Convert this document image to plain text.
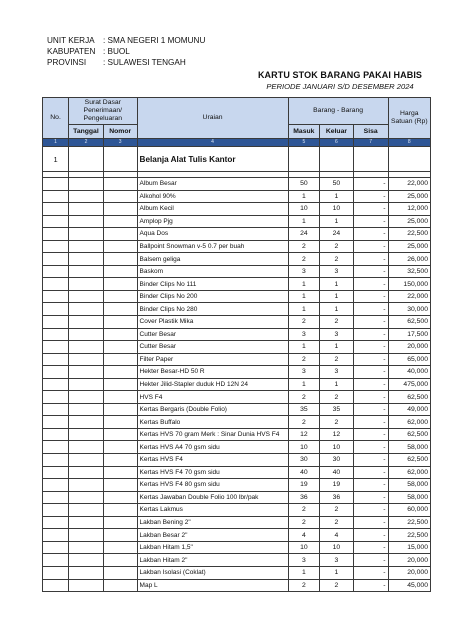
UNIT KERJA	: SMA NEGERI 1 MOMUNU
KABUPATEN : BUOL
PROVINSI	: SULAWESI TENGAH
KARTU STOK BARANG PAKAI HABIS
PERIODE JANUARI S/D DESEMBER 2024
No.	Surat Dasar Penerimaan/ Pengeluaran		Uraian	Barang - Barang			Harga Satuan (Rp)
	Tanggal	Nomor		Masuk	Keluar	Sisa	
1	2	3	4	5	6	7	8
1			Belanja Alat Tulis Kantor				

			Album Besar	50	50	-	22,000
			Alkohol 90%	1	1	-	25,000
			Album Kecil	10	10	-	12,000
			Amplop Pjg	1	1	-	25,000
			Aqua Dos	24	24	-	22,500
			Ballpoint Snowman v-5 0.7 per buah	2	2	-	25,000
			Balsem geliga	2	2	-	26,000
			Baskom	3	3	-	32,500
			Binder Clips No 111	1	1	-	150,000
			Binder Clips No 200	1	1	-	22,000
			Binder Clips No 280	1	1	-	30,000
			Cover Plastik Mika	2	2	-	62,500
			Cutter Besar	3	3	-	17,500
			Cutter Besar	1	1	-	20,000
			Filter Paper	2	2	-	65,000
			Hekter Besar-HD 50 R	3	3	-	40,000
			Hekter Jilid-Stapler duduk HD 12N 24	1	1	-	475,000
			HVS F4	2	2	-	62,500
			Kertas Bergaris (Double Folio)	35	35	-	49,000
			Kertas Buffalo	2	2	-	62,000
			Kertas HVS 70 gram Merk : Sinar Dunia HVS F4	12	12	-	62,500
			Kertas HVS A4 70 gsm sidu	10	10	-	58,000
			Kertas HVS F4	30	30	-	62,500
			Kertas HVS F4 70 gsm sidu	40	40	-	62,000
			Kertas HVS F4 80 gsm sidu	19	19	-	58,000
			Kertas Jawaban Double Folio 100 lbr/pak	36	36	-	58,000
			Kertas Lakmus	2	2	-	60,000
			Lakban Bening 2"	2	2	-	22,500
			Lakban Besar 2"	4	4	-	22,500
			Lakban Hitam 1,5"	10	10	-	15,000
			Lakban Hitam 2"	3	3	-	20,000
			Lakban Isolasi (Coklat)	1	1	-	20,000
			Map L	2	2	-	45,000
